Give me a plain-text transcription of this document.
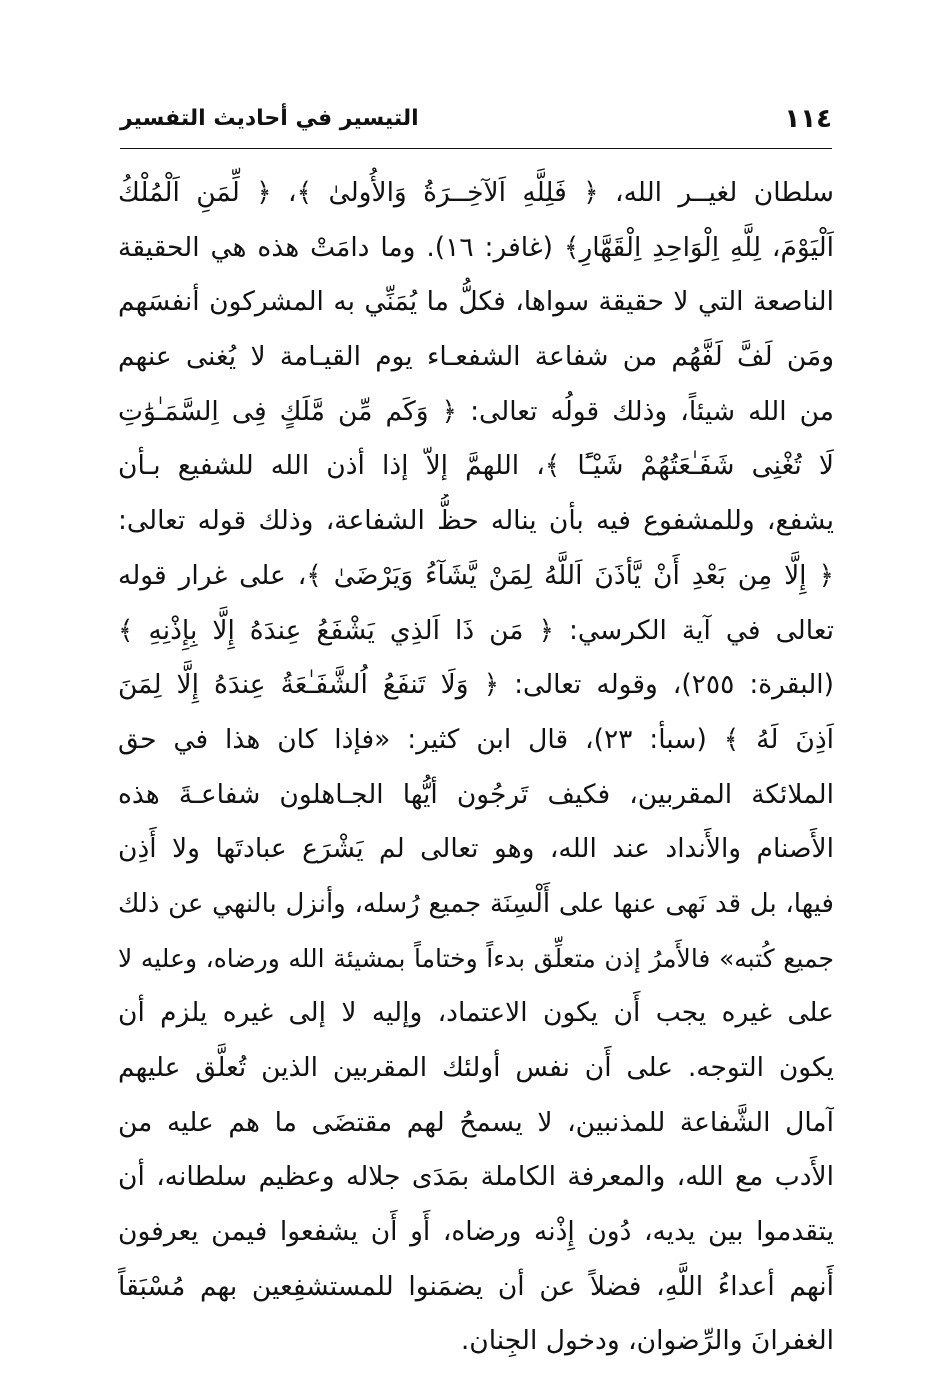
١١٤
التيسير في أحاديث التفسير
سلطان لغيــر الله، ﴿ فَلِلَّهِ اَلآخِــرَةُ وَالأُولىٰ ﴾، ﴿ لِّمَنِ اَلْمُلْكُ
اَلْيَوْمَ، لِلَّهِ اِلْوَاحِدِ اِلْقَهَّارِ﴾ (غافر: ١٦). وما دامَتْ هذه هي الحقيقة
الناصعة التي لا حقيقة سواها، فكلُّ ما يُمَنِّي به المشركون أنفسَهم
ومَن لَفَّ لَفَّهُم من شفاعة الشفعـاء يوم القيـامة لا يُغنى عنهم
من الله شيئاً، وذلك قولُه تعالى: ﴿ وَكَم مِّن مَّلَكٍ فِى اِلسَّمَـٰوَٰتِ
لَا تُغْنِى شَفَـٰعَتُهُمْ شَيْـًٔا ﴾، اللهمَّ إلاّ إذا أذن الله للشفيع بـأن
يشفع، وللمشفوع فيه بأن يناله حظُّ الشفاعة، وذلك قوله تعالى:
﴿ إِلَّا مِن بَعْدِ أَنْ يَّأذَنَ اَللَّهُ لِمَنْ يَّشَآءُ وَيَرْضَىٰ ﴾، على غرار قوله
تعالى في آية الكرسي: ﴿ مَن ذَا اَلذِي يَشْفَعُ عِندَهُ إِلَّا بِإِذْنِهِ ﴾
(البقرة: ٢٥٥)، وقوله تعالى: ﴿ وَلَا تَنفَعُ اُلشَّفَـٰعَةُ عِندَهُ إِلَّا لِمَنَ
اَذِنَ لَهُ ﴾ (سبأ: ٢٣)، قال ابن كثير: «فإذا كان هذا في حق
الملائكة المقربين، فكيف تَرجُون أيُّها الجـاهلون شفاعـةَ هذه
الأَصنام والأَنداد عند الله، وهو تعالى لم يَشْرَع عبادتَها ولا أَذِن
فيها، بل قد نَهى عنها على أَلْسِنَة جميع رُسله، وأنزل بالنهي عن ذلك
جميع كُتبه» فالأَمرُ إذن متعلِّق بدءاً وختاماً بمشيئة الله ورضاه، وعليه لا
على غيره يجب أَن يكون الاعتماد، وإليه لا إلى غيره يلزم أن
يكون التوجه. على أَن نفس أولئك المقربين الذين تُعلَّق عليهم
آمال الشَّفاعة للمذنبين، لا يسمحُ لهم مقتضَى ما هم عليه من
الأَدب مع الله، والمعرفة الكاملة بمَدَى جلاله وعظيم سلطانه، أن
يتقدموا بين يديه، دُون إِذْنه ورضاه، أَو أَن يشفعوا فيمن يعرفون
أَنهم أعداءُ اللَّهِ، فضلاً عن أن يضمَنوا للمستشفِعين بهم مُسْبَقاً
الغفرانَ والرِّضوان، ودخول الجِنان.
